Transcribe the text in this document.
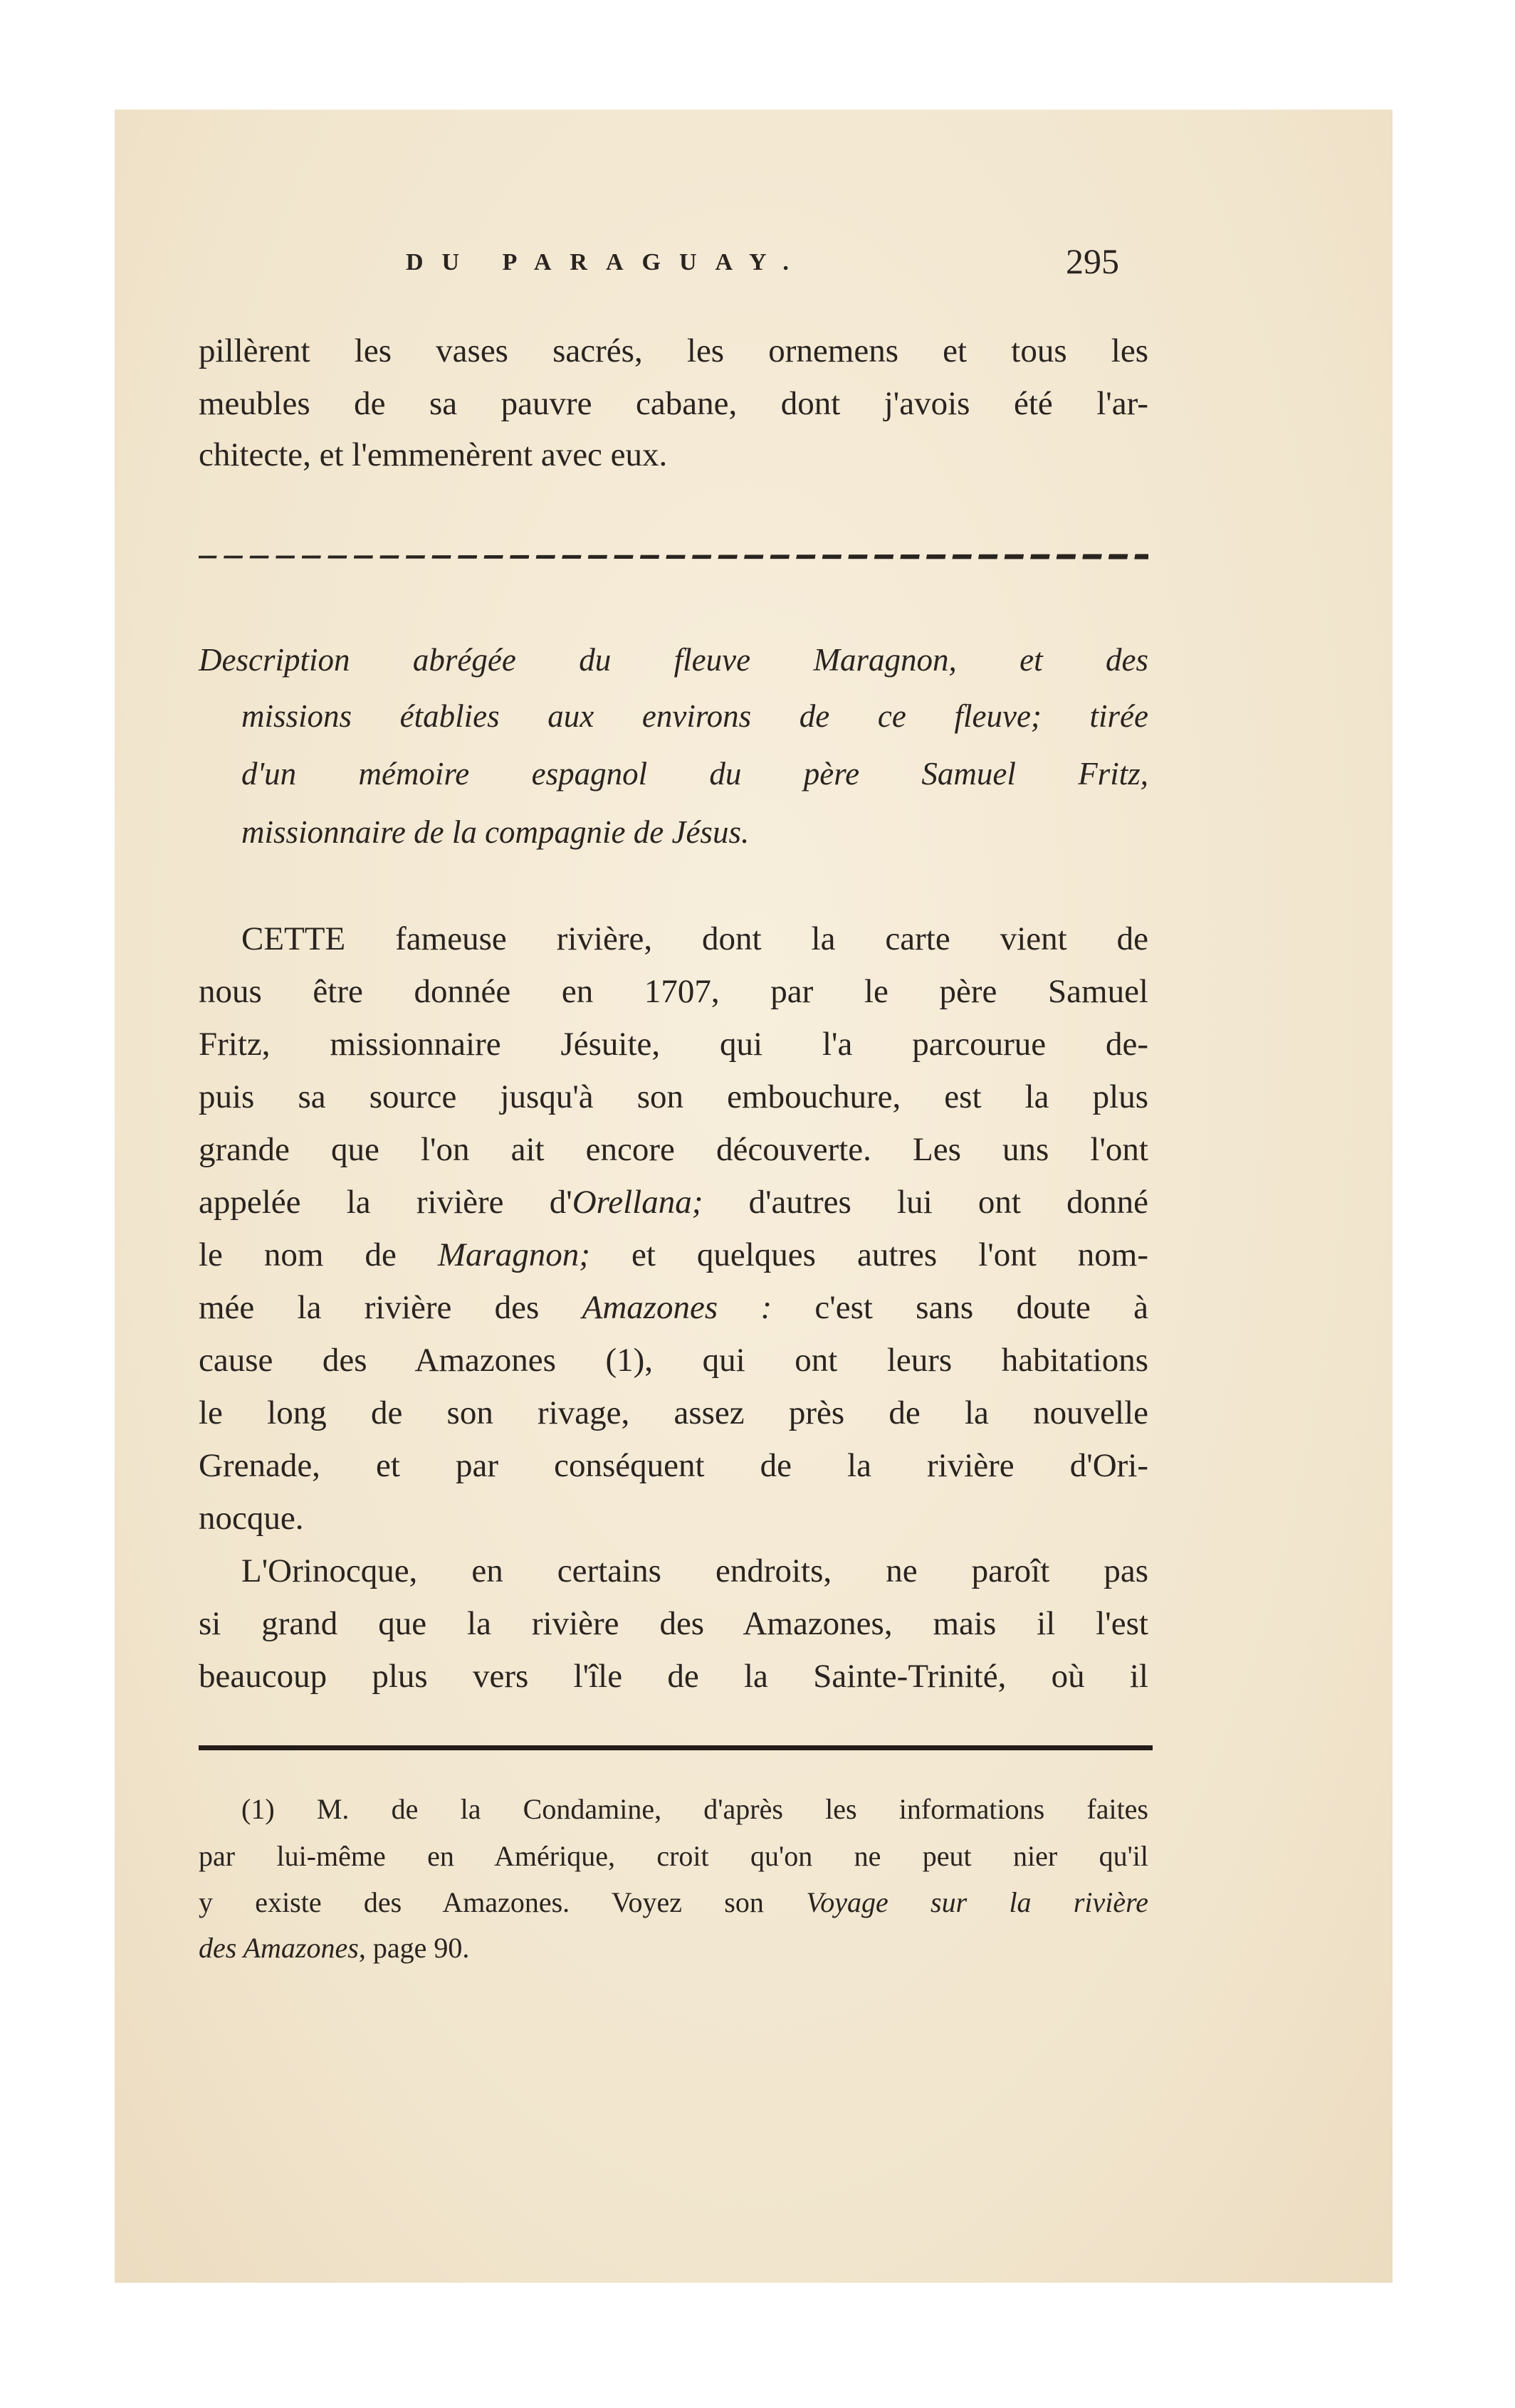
DU PARAGUAY.	295
pillèrent les vases sacrés, les ornemens et tous les
meubles de sa pauvre cabane, dont j'avois été l'ar-
chitecte, et l'emmenèrent avec eux.
Description abrégée du fleuve Maragnon, et des
missions établies aux environs de ce fleuve; tirée
d'un mémoire espagnol du père Samuel Fritz,
missionnaire de la compagnie de Jésus.
CETTE fameuse rivière, dont la carte vient de
nous être donnée en 1707, par le père Samuel
Fritz, missionnaire Jésuite, qui l'a parcourue de-
puis sa source jusqu'à son embouchure, est la plus
grande que l'on ait encore découverte. Les uns l'ont
appelée la rivière d'Orellana; d'autres lui ont donné
le nom de Maragnon; et quelques autres l'ont nom-
mée la rivière des Amazones : c'est sans doute à
cause des Amazones (1), qui ont leurs habitations
le long de son rivage, assez près de la nouvelle
Grenade, et par conséquent de la rivière d'Ori-
nocque.
L'Orinocque, en certains endroits, ne paroît pas
si grand que la rivière des Amazones, mais il l'est
beaucoup plus vers l'île de la Sainte-Trinité, où il
(1) M. de la Condamine, d'après les informations faites
par lui-même en Amérique, croit qu'on ne peut nier qu'il
y existe des Amazones. Voyez son Voyage sur la rivière
des Amazones, page 90.
